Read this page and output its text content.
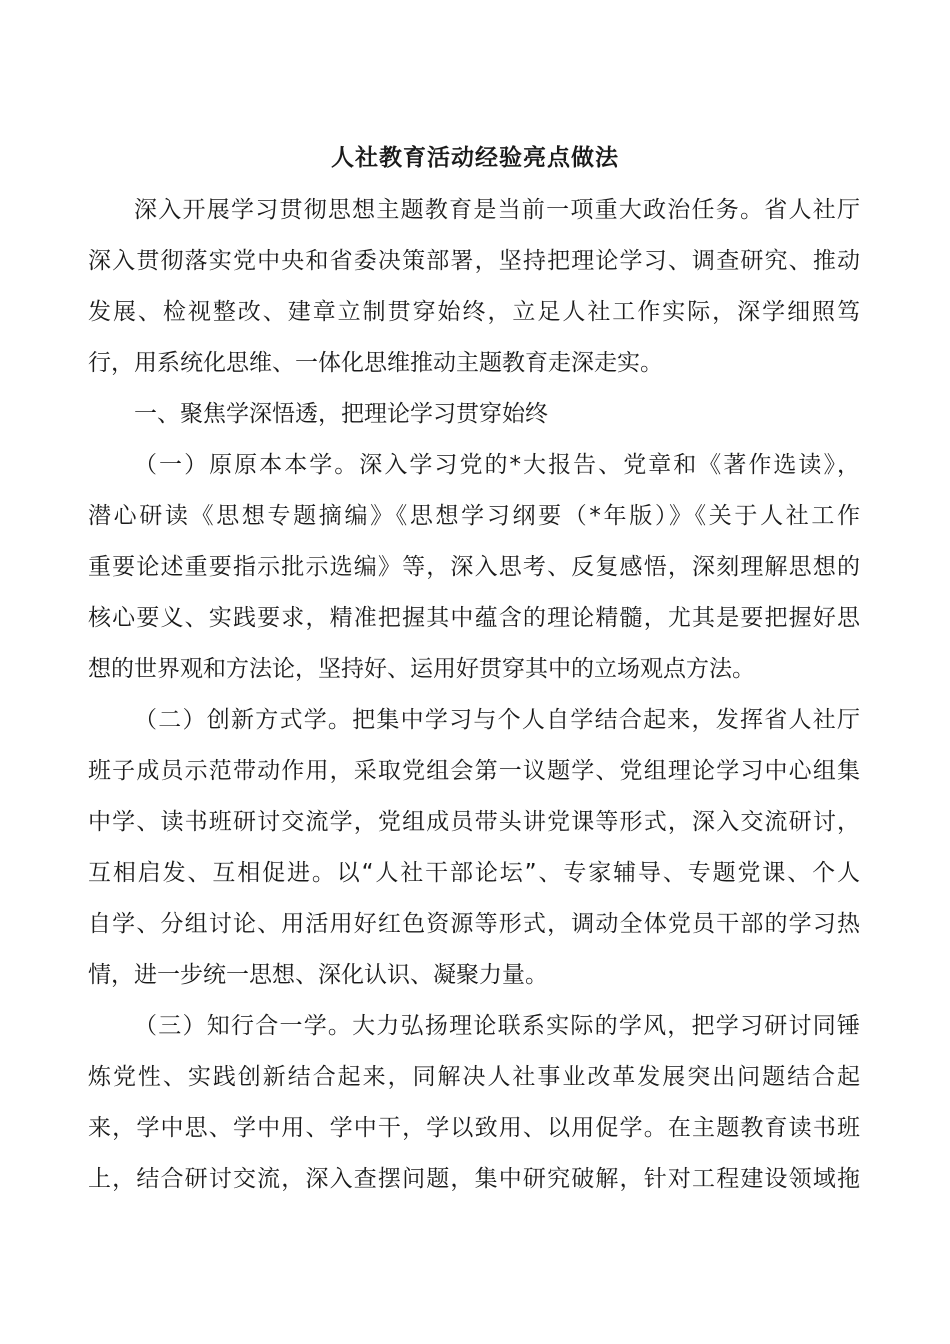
人社教育活动经验亮点做法

深入开展学习贯彻思想主题教育是当前一项重大政治任务。省人社厅

深入贯彻落实党中央和省委决策部署，坚持把理论学习、调查研究、推动

发展、检视整改、建章立制贯穿始终，立足人社工作实际，深学细照笃

行，用系统化思维、一体化思维推动主题教育走深走实。

一、聚焦学深悟透，把理论学习贯穿始终

（一）原原本本学。深入学习党的*大报告、党章和《著作选读》，

潜心研读《思想专题摘编》《思想学习纲要（*年版）》《关于人社工作

重要论述重要指示批示选编》等，深入思考、反复感悟，深刻理解思想的

核心要义、实践要求，精准把握其中蕴含的理论精髓，尤其是要把握好思

想的世界观和方法论，坚持好、运用好贯穿其中的立场观点方法。

（二）创新方式学。把集中学习与个人自学结合起来，发挥省人社厅

班子成员示范带动作用，采取党组会第一议题学、党组理论学习中心组集

中学、读书班研讨交流学，党组成员带头讲党课等形式，深入交流研讨，

互相启发、互相促进。以“人社干部论坛”、专家辅导、专题党课、个人

自学、分组讨论、用活用好红色资源等形式，调动全体党员干部的学习热

情，进一步统一思想、深化认识、凝聚力量。

（三）知行合一学。大力弘扬理论联系实际的学风，把学习研讨同锤

炼党性、实践创新结合起来，同解决人社事业改革发展突出问题结合起

来，学中思、学中用、学中干，学以致用、以用促学。在主题教育读书班

上，结合研讨交流，深入查摆问题，集中研究破解，针对工程建设领域拖
